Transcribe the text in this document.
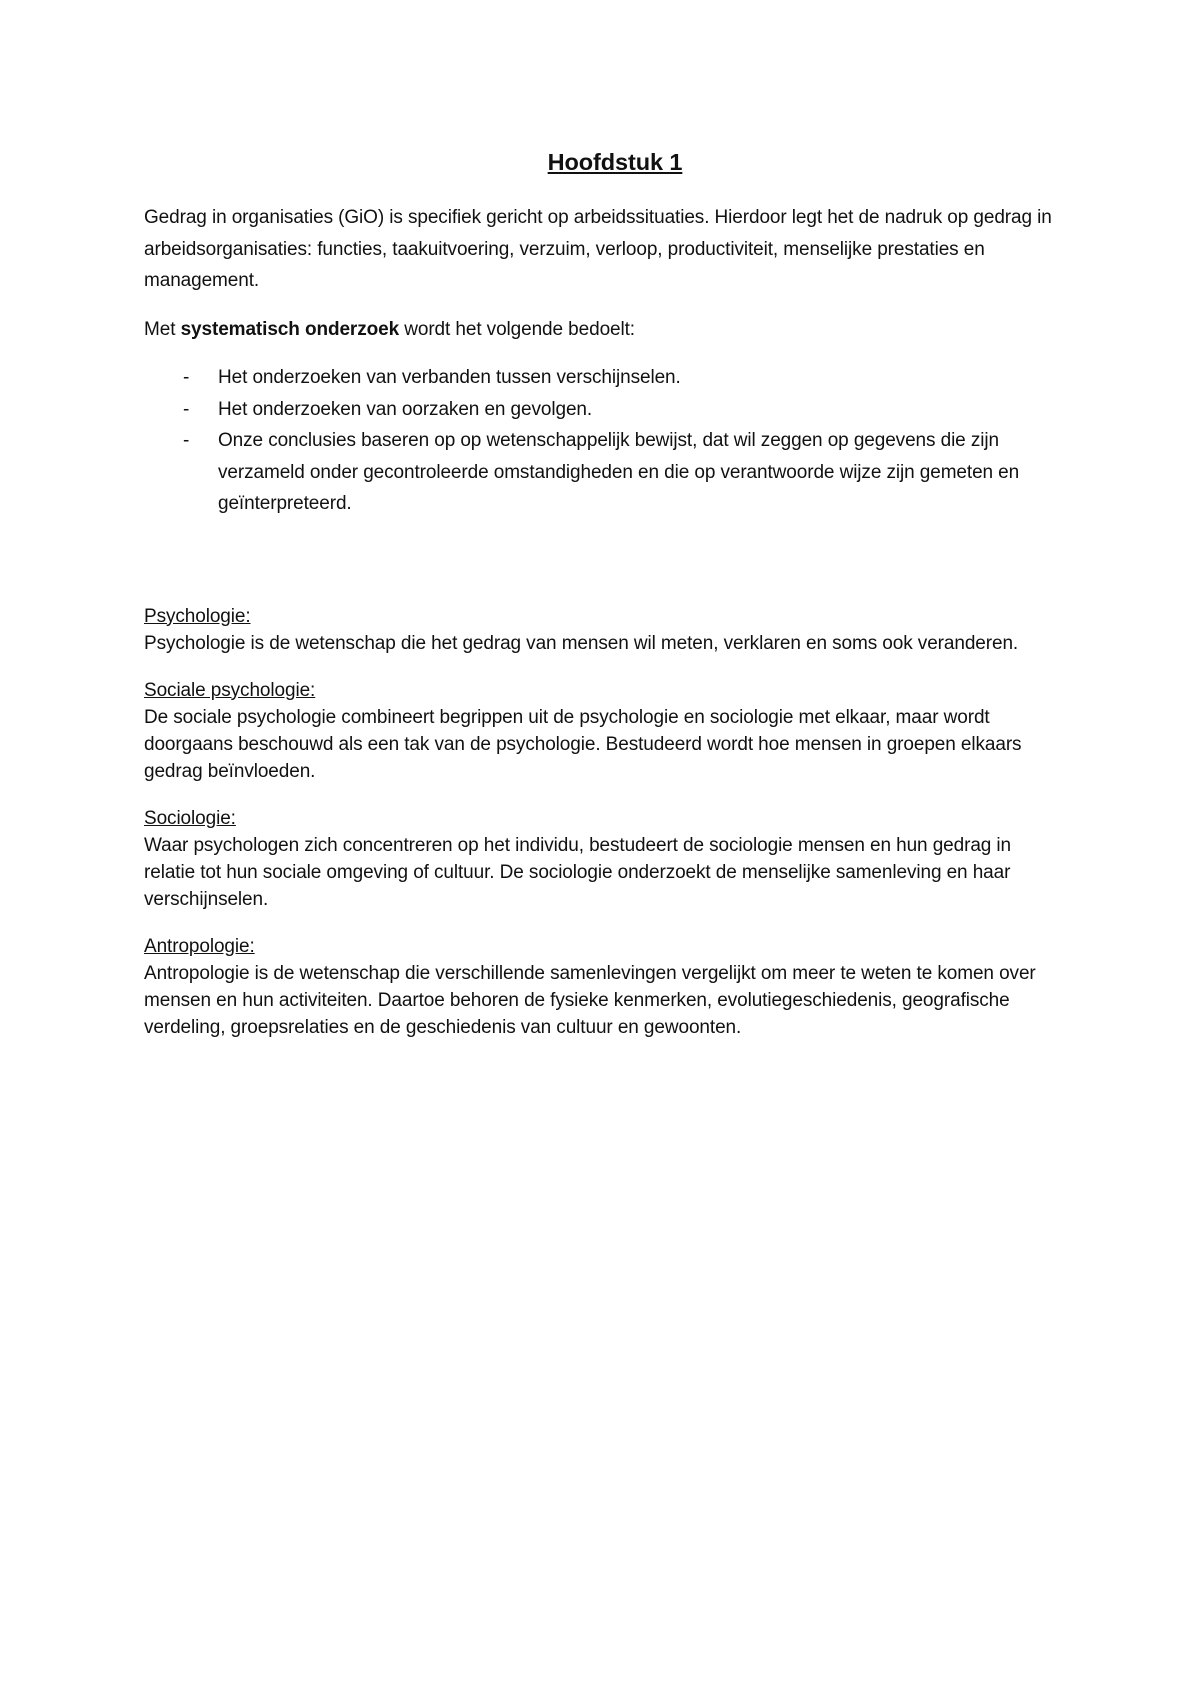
Hoofdstuk 1

Gedrag in organisaties (GiO) is specifiek gericht op arbeidssituaties. Hierdoor legt het de nadruk op gedrag in arbeidsorganisaties: functies, taakuitvoering, verzuim, verloop, productiviteit, menselijke prestaties en management.

Met systematisch onderzoek wordt het volgende bedoelt:

- Het onderzoeken van verbanden tussen verschijnselen.
- Het onderzoeken van oorzaken en gevolgen.
- Onze conclusies baseren op op wetenschappelijk bewijst, dat wil zeggen op gegevens die zijn verzameld onder gecontroleerde omstandigheden en die op verantwoorde wijze zijn gemeten en geïnterpreteerd.
Psychologie:

Psychologie is de wetenschap die het gedrag van mensen wil meten, verklaren en soms ook veranderen.

Sociale psychologie:

De sociale psychologie combineert begrippen uit de psychologie en sociologie met elkaar, maar wordt doorgaans beschouwd als een tak van de psychologie. Bestudeerd wordt hoe mensen in groepen elkaars gedrag beïnvloeden.

Sociologie:

Waar psychologen zich concentreren op het individu, bestudeert de sociologie mensen en hun gedrag in relatie tot hun sociale omgeving of cultuur. De sociologie onderzoekt de menselijke samenleving en haar verschijnselen.

Antropologie:

Antropologie is de wetenschap die verschillende samenlevingen vergelijkt om meer te weten te komen over mensen en hun activiteiten. Daartoe behoren de fysieke kenmerken, evolutiegeschiedenis, geografische verdeling, groepsrelaties en de geschiedenis van cultuur en gewoonten.
